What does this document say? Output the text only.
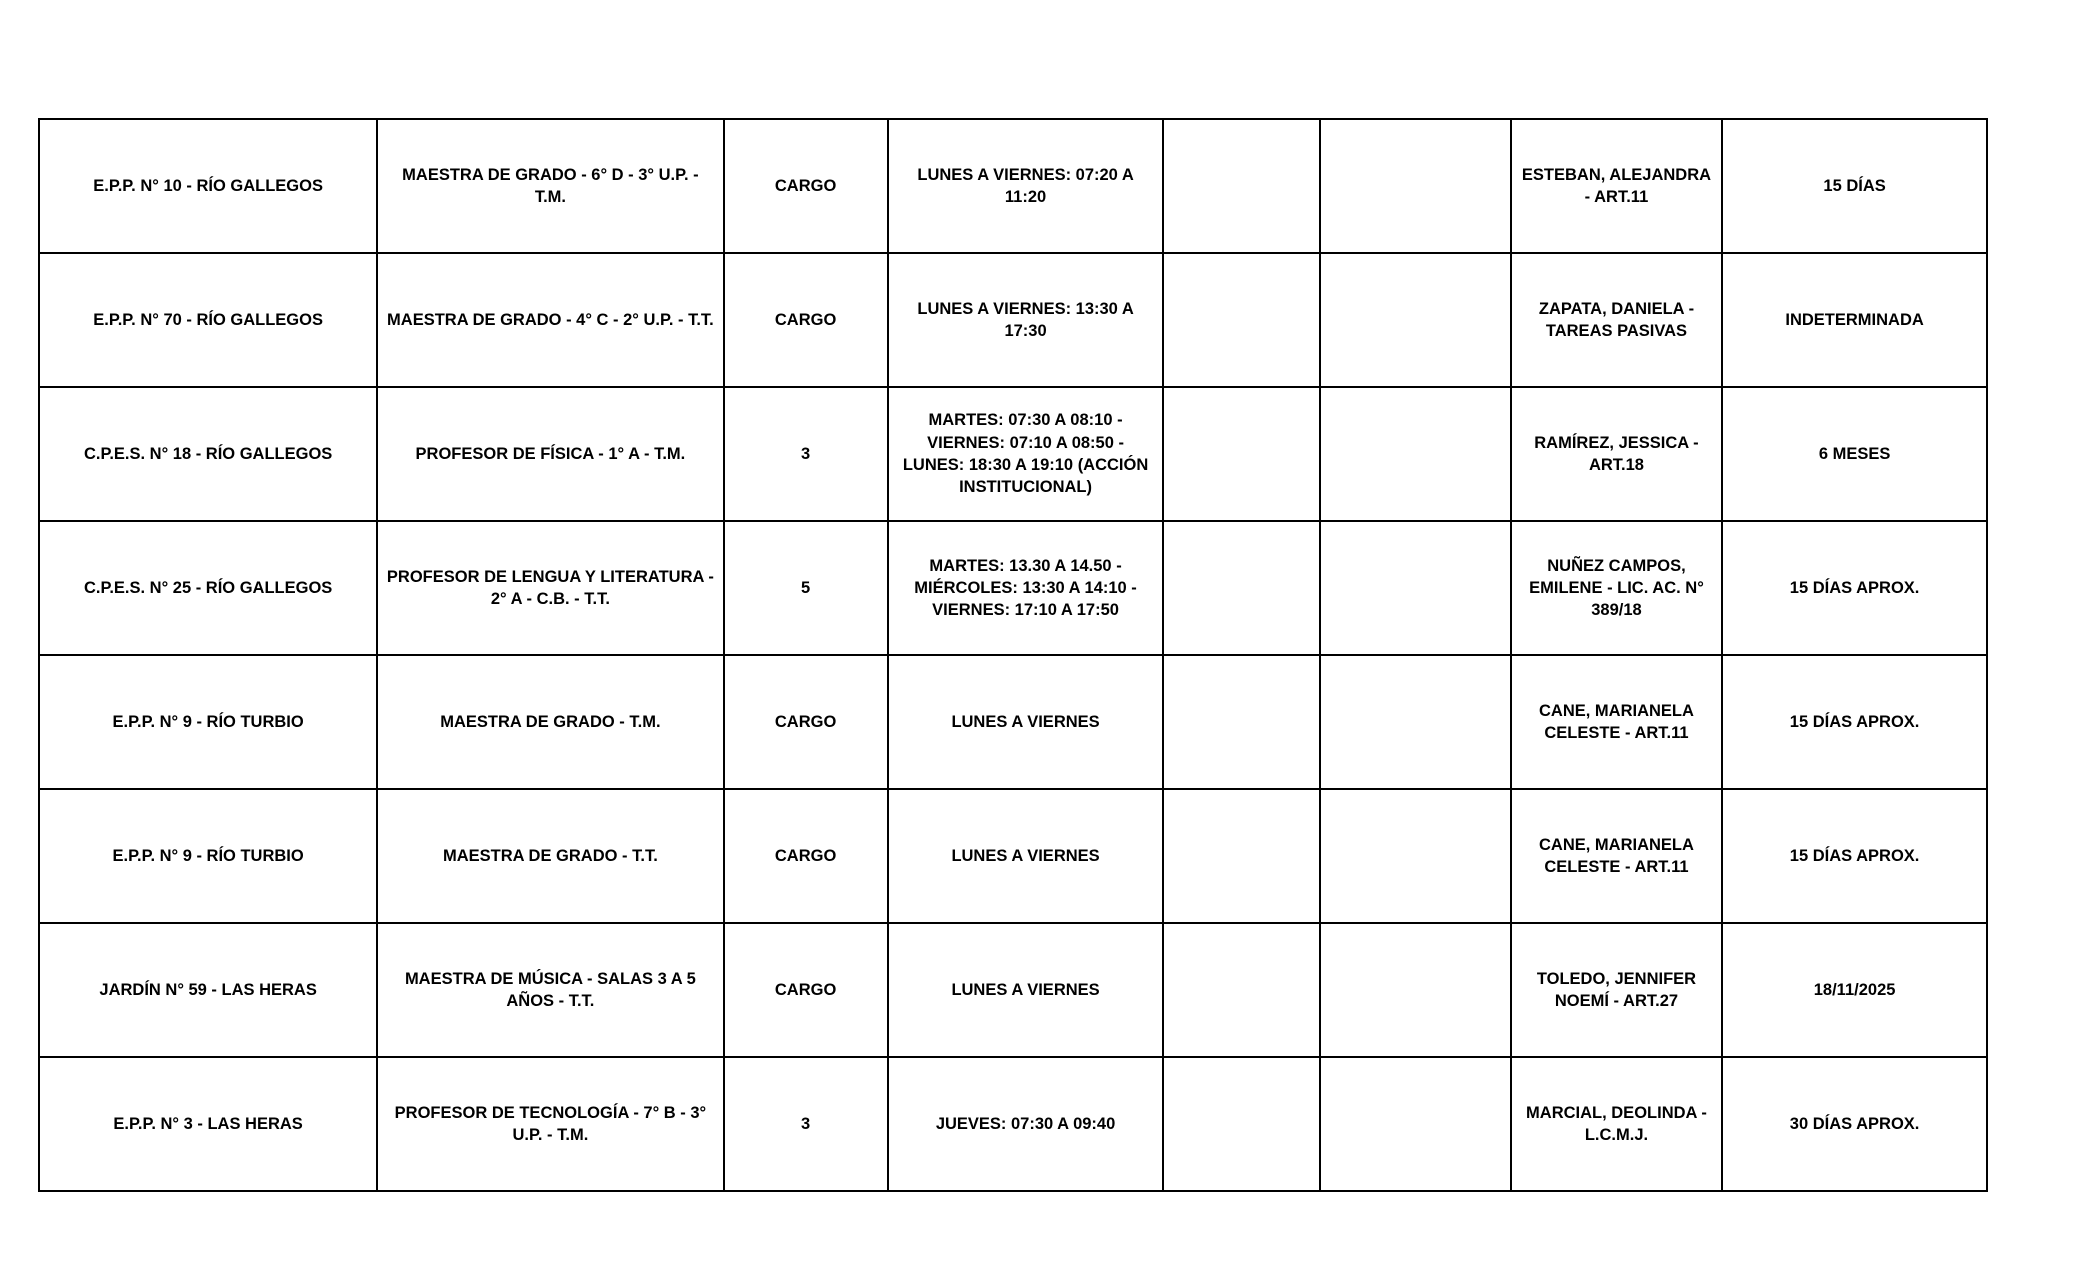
E.P.P. N° 10 - RÍO GALLEGOS	MAESTRA DE GRADO - 6° D - 3° U.P. - T.M.	CARGO	LUNES A VIERNES: 07:20 A 11:20			ESTEBAN, ALEJANDRA - ART.11	15 DÍAS
E.P.P. N° 70 - RÍO GALLEGOS	MAESTRA DE GRADO - 4° C - 2° U.P. - T.T.	CARGO	LUNES A VIERNES: 13:30 A 17:30			ZAPATA, DANIELA - TAREAS PASIVAS	INDETERMINADA
C.P.E.S. N° 18 - RÍO GALLEGOS	PROFESOR DE FÍSICA - 1° A - T.M.	3	MARTES: 07:30 A 08:10 - VIERNES: 07:10 A 08:50 - LUNES: 18:30 A 19:10 (ACCIÓN INSTITUCIONAL)			RAMÍREZ, JESSICA - ART.18	6 MESES
C.P.E.S. N° 25 - RÍO GALLEGOS	PROFESOR DE LENGUA Y LITERATURA - 2° A - C.B. - T.T.	5	MARTES: 13.30 A 14.50 - MIÉRCOLES: 13:30 A 14:10 - VIERNES: 17:10 A 17:50			NUÑEZ CAMPOS, EMILENE - LIC. AC. N° 389/18	15 DÍAS APROX.
E.P.P. N° 9 - RÍO TURBIO	MAESTRA DE GRADO - T.M.	CARGO	LUNES A VIERNES			CANE, MARIANELA CELESTE - ART.11	15 DÍAS APROX.
E.P.P. N° 9 - RÍO TURBIO	MAESTRA DE GRADO - T.T.	CARGO	LUNES A VIERNES			CANE, MARIANELA CELESTE - ART.11	15 DÍAS APROX.
JARDÍN N° 59 - LAS HERAS	MAESTRA DE MÚSICA - SALAS 3 A 5 AÑOS - T.T.	CARGO	LUNES A VIERNES			TOLEDO, JENNIFER NOEMÍ - ART.27	18/11/2025
E.P.P. N° 3 - LAS HERAS	PROFESOR DE TECNOLOGÍA - 7° B - 3° U.P. - T.M.	3	JUEVES: 07:30 A 09:40			MARCIAL, DEOLINDA - L.C.M.J.	30 DÍAS APROX.
